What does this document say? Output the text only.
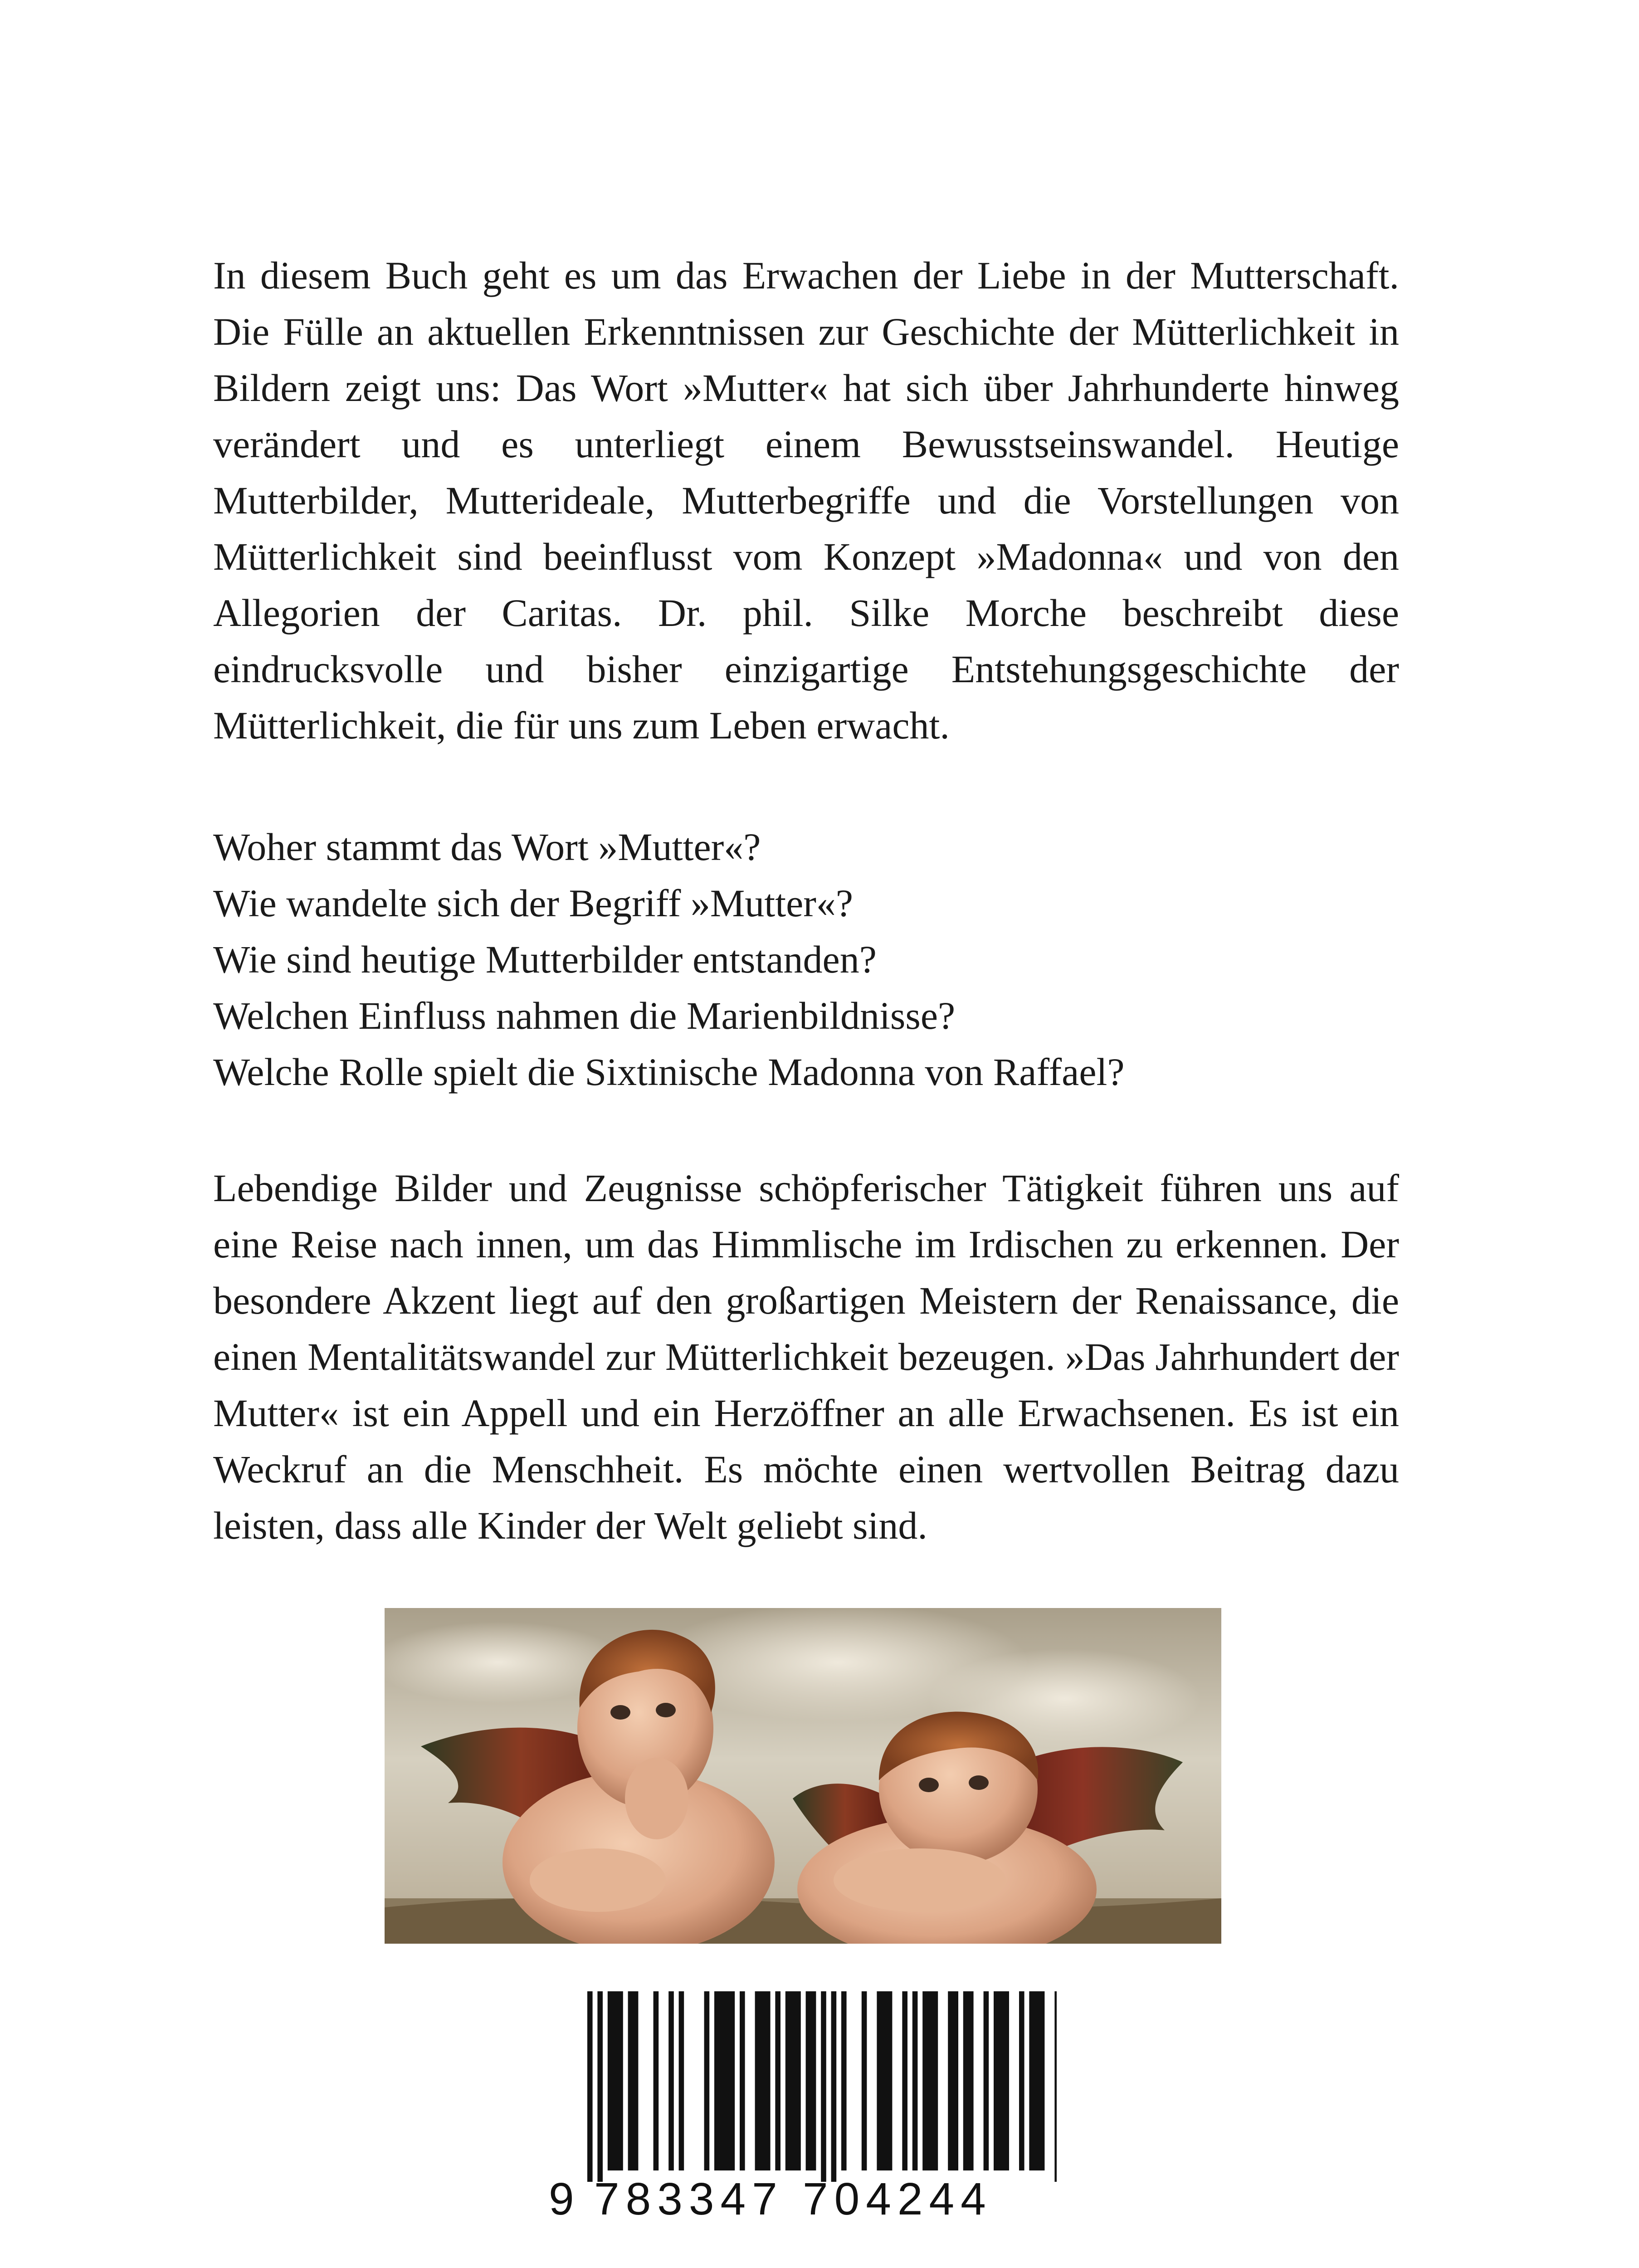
In diesem Buch geht es um das Erwachen der Liebe in der Mutterschaft. Die Fülle an aktuellen Erkenntnissen zur Geschichte der Mütterlichkeit in Bildern zeigt uns: Das Wort »Mutter« hat sich über Jahrhunderte hinweg verändert und es unterliegt einem Bewusstseinswandel. Heutige Mutterbilder, Mutterideale, Mutterbegriffe und die Vorstellungen von Mütterlichkeit sind beeinflusst vom Konzept »Madonna« und von den Allegorien der Caritas. Dr. phil. Silke Morche beschreibt diese eindrucksvolle und bisher einzigartige Entstehungsgeschichte der Mütterlichkeit, die für uns zum Leben erwacht.

Woher stammt das Wort »Mutter«?
Wie wandelte sich der Begriff »Mutter«?
Wie sind heutige Mutterbilder entstanden?
Welchen Einfluss nahmen die Marienbildnisse?
Welche Rolle spielt die Sixtinische Madonna von Raffael?

Lebendige Bilder und Zeugnisse schöpferischer Tätigkeit führen uns auf eine Reise nach innen, um das Himmlische im Irdischen zu erkennen. Der besondere Akzent liegt auf den großartigen Meistern der Renaissance, die einen Mentalitätswandel zur Mütterlichkeit bezeugen. »Das Jahrhundert der Mutter« ist ein Appell und ein Herzöffner an alle Erwachsenen. Es ist ein Weckruf an die Menschheit. Es möchte einen wertvollen Beitrag dazu leisten, dass alle Kinder der Welt geliebt sind.

9 783347 704244
